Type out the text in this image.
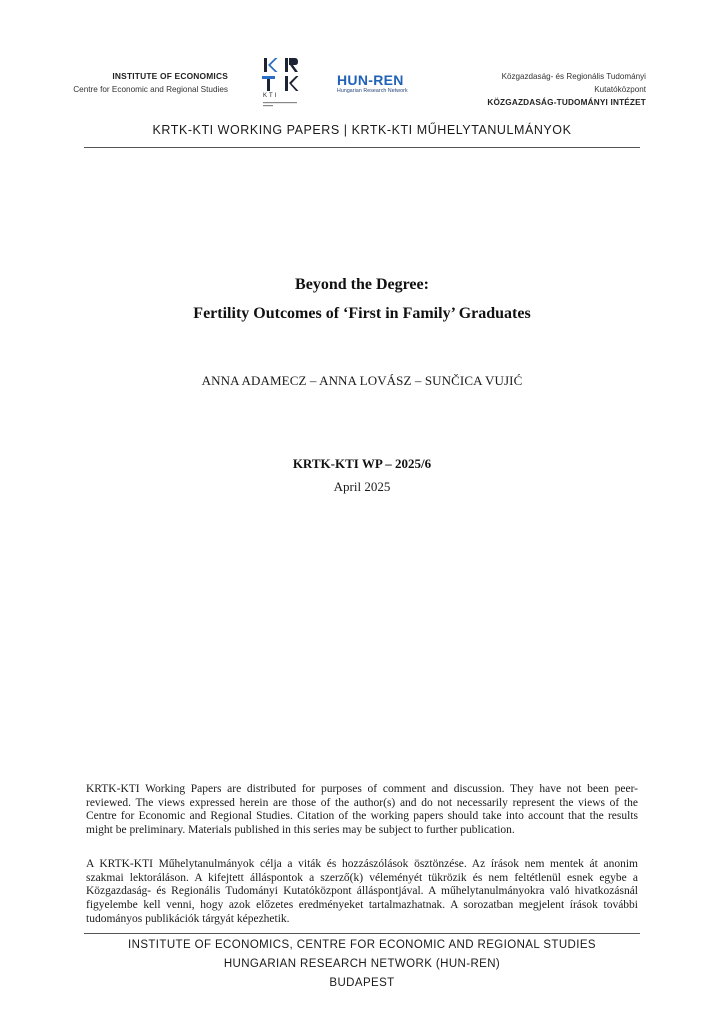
INSTITUTE OF ECONOMICS
Centre for Economic and Regional Studies
KTI
HUN-REN
Hungarian Research Network
Közgazdaság- és Regionális Tudományi Kutatóközpont
KÖZGAZDASÁG-TUDOMÁNYI INTÉZET
KRTK-KTI WORKING PAPERS | KRTK-KTI MŰHELYTANULMÁNYOK
Beyond the Degree:
Fertility Outcomes of ‘First in Family’ Graduates
ANNA ADAMECZ – ANNA LOVÁSZ – SUNČICA VUJIĆ
KRTK-KTI WP – 2025/6
April 2025
KRTK-KTI Working Papers are distributed for purposes of comment and discussion. They have not been peer-reviewed. The views expressed herein are those of the author(s) and do not necessarily represent the views of the Centre for Economic and Regional Studies. Citation of the working papers should take into account that the results might be preliminary. Materials published in this series may be subject to further publication.
A KRTK-KTI Műhelytanulmányok célja a viták és hozzászólások ösztönzése. Az írások nem mentek át anonim szakmai lektoráláson. A kifejtett álláspontok a szerző(k) véleményét tükrözik és nem feltétlenül esnek egybe a Közgazdaság- és Regionális Tudományi Kutatóközpont álláspontjával. A műhelytanulmányokra való hivatkozásnál figyelembe kell venni, hogy azok előzetes eredményeket tartalmazhatnak. A sorozatban megjelent írások további tudományos publikációk tárgyát képezhetik.
INSTITUTE OF ECONOMICS, CENTRE FOR ECONOMIC AND REGIONAL STUDIES
HUNGARIAN RESEARCH NETWORK (HUN-REN)
BUDAPEST
